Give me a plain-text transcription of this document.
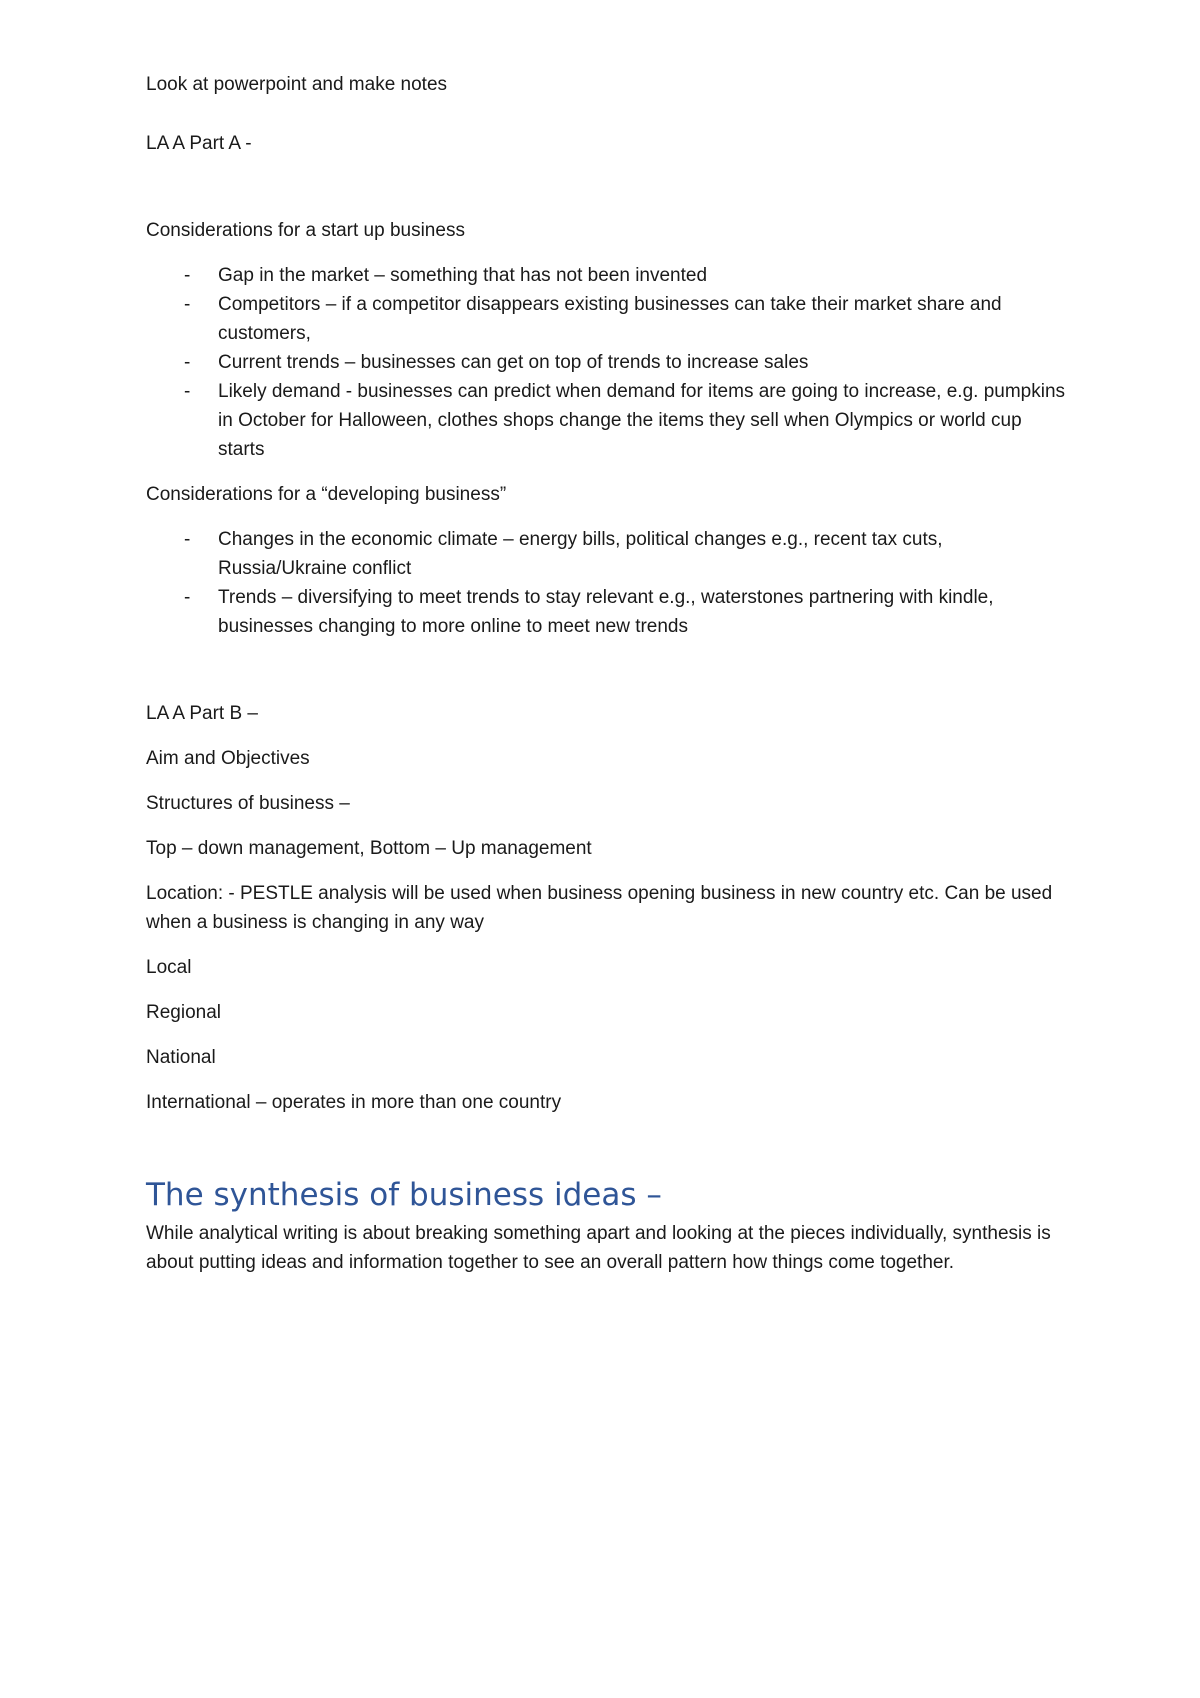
Look at powerpoint and make notes

LA A Part A -

Considerations for a start up business

- Gap in the market – something that has not been invented
- Competitors – if a competitor disappears existing businesses can take their market share and customers,
- Current trends – businesses can get on top of trends to increase sales
- Likely demand - businesses can predict when demand for items are going to increase, e.g. pumpkins in October for Halloween, clothes shops change the items they sell when Olympics or world cup starts

Considerations for a “developing business”

- Changes in the economic climate – energy bills, political changes e.g., recent tax cuts, Russia/Ukraine conflict
- Trends – diversifying to meet trends to stay relevant e.g., waterstones partnering with kindle, businesses changing to more online to meet new trends

LA A Part B –

Aim and Objectives

Structures of business –

Top – down management, Bottom – Up management

Location: - PESTLE analysis will be used when business opening business in new country etc. Can be used when a business is changing in any way

Local

Regional

National

International – operates in more than one country

The synthesis of business ideas –

While analytical writing is about breaking something apart and looking at the pieces individually, synthesis is about putting ideas and information together to see an overall pattern how things come together.
